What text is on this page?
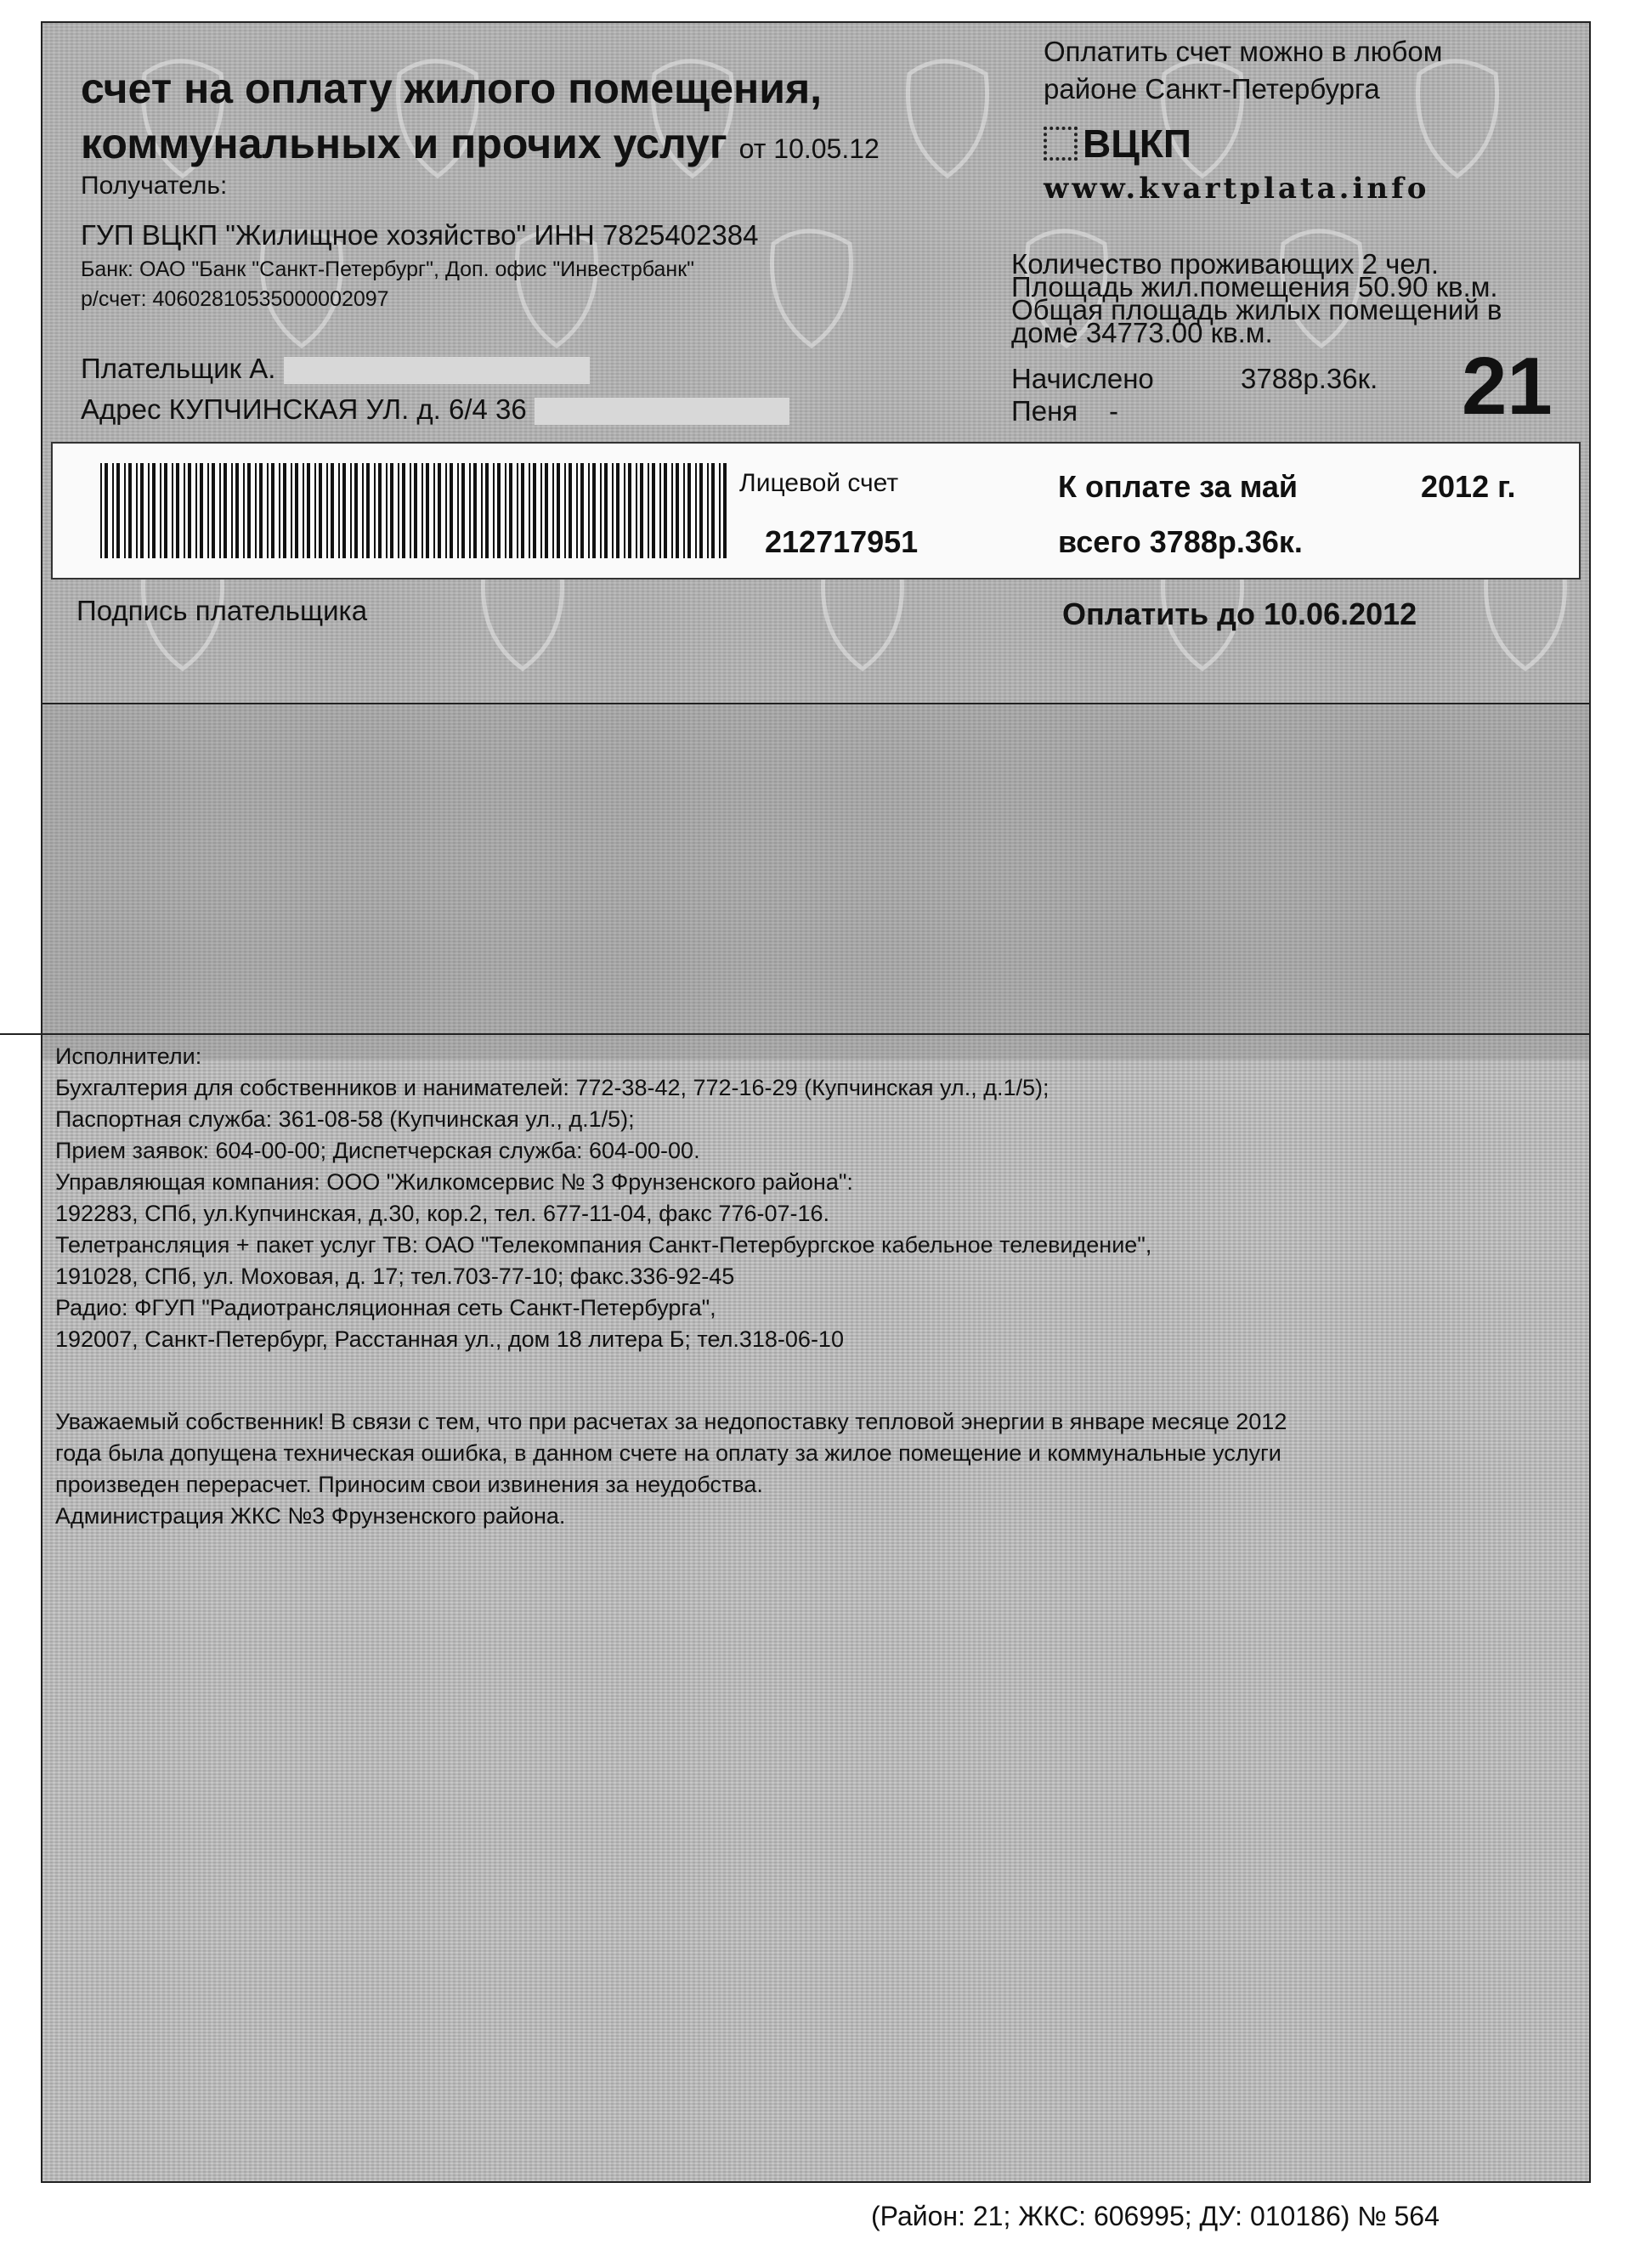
счет на оплату жилого помещения,
коммунальных и прочих услуг от 10.05.12
Оплатить счет можно в любом
районе Санкт-Петербурга
ВЦКП
www.kvartplata.info
Получатель:
ГУП ВЦКП "Жилищное хозяйство" ИНН 7825402384
Банк: ОАО "Банк "Санкт-Петербург", Доп. офис "Инвестрбанк"
р/счет: 40602810535000002097
Плательщик А.
Адрес КУПЧИНСКАЯ УЛ. д. 6/4 36
Количество проживающих 2 чел.
Площадь жил.помещения 50.90 кв.м.
Общая площадь жилых помещений в
доме 34773.00 кв.м.
Начислено	3788р.36к.
Пеня -	21
Лицевой счет
212717951
К оплате за май	2012 г.
всего 3788р.36к.
Подпись плательщика	Оплатить до 10.06.2012
Исполнители:
Бухгалтерия для собственников и нанимателей: 772-38-42, 772-16-29 (Купчинская ул., д.1/5);
Паспортная служба: 361-08-58 (Купчинская ул., д.1/5);
Прием заявок: 604-00-00; Диспетчерская служба: 604-00-00.
Управляющая компания: ООО "Жилкомсервис № 3 Фрунзенского района":
192283, СПб, ул.Купчинская, д.30, кор.2, тел. 677-11-04, факс 776-07-16.
Телетрансляция + пакет услуг ТВ: ОАО "Телекомпания Санкт-Петербургское кабельное телевидение",
191028, СПб, ул. Моховая, д. 17; тел.703-77-10; факс.336-92-45
Радио: ФГУП "Радиотрансляционная сеть Санкт-Петербурга",
192007, Санкт-Петербург, Расстанная ул., дом 18 литера Б; тел.318-06-10
Уважаемый собственник! В связи с тем, что при расчетах за недопоставку тепловой энергии в январе месяце 2012
года была допущена техническая ошибка, в данном счете на оплату за жилое помещение и коммунальные услуги
произведен перерасчет. Приносим свои извинения за неудобства.
Администрация ЖКС №3 Фрунзенского района.
(Район: 21; ЖКС: 606995; ДУ: 010186) № 564
